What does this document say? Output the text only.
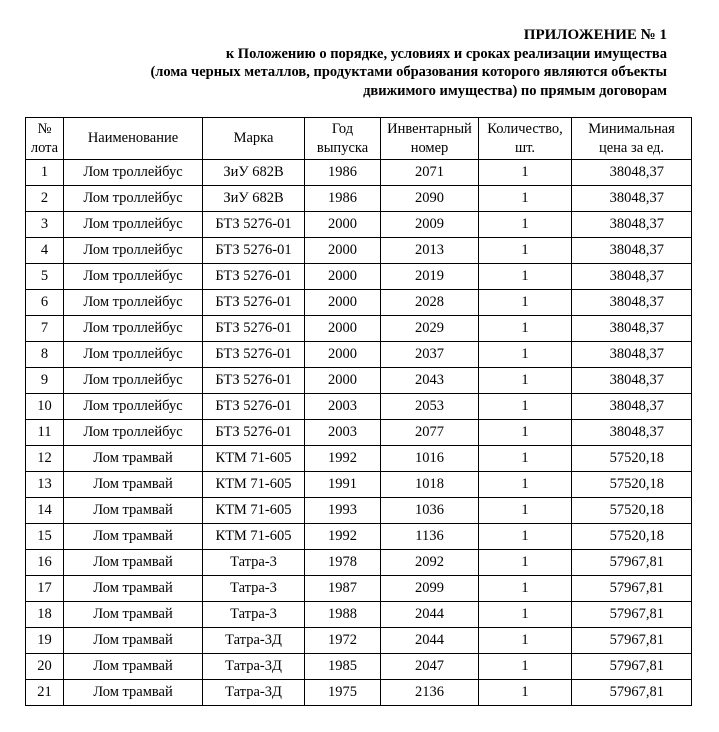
ПРИЛОЖЕНИЕ № 1
к Положению о порядке, условиях и сроках реализации имущества
(лома черных металлов, продуктами образования которого являются объекты
движимого имущества) по прямым договорам
№ лота	Наименование	Марка	Год выпуска	Инвентарный номер	Количество, шт.	Минимальная цена за ед.
1	Лом троллейбус	ЗиУ 682В	1986	2071	1	38048,37
2	Лом троллейбус	ЗиУ 682В	1986	2090	1	38048,37
3	Лом троллейбус	БТЗ 5276-01	2000	2009	1	38048,37
4	Лом троллейбус	БТЗ 5276-01	2000	2013	1	38048,37
5	Лом троллейбус	БТЗ 5276-01	2000	2019	1	38048,37
6	Лом троллейбус	БТЗ 5276-01	2000	2028	1	38048,37
7	Лом троллейбус	БТЗ 5276-01	2000	2029	1	38048,37
8	Лом троллейбус	БТЗ 5276-01	2000	2037	1	38048,37
9	Лом троллейбус	БТЗ 5276-01	2000	2043	1	38048,37
10	Лом троллейбус	БТЗ 5276-01	2003	2053	1	38048,37
11	Лом троллейбус	БТЗ 5276-01	2003	2077	1	38048,37
12	Лом трамвай	КТМ 71-605	1992	1016	1	57520,18
13	Лом трамвай	КТМ 71-605	1991	1018	1	57520,18
14	Лом трамвай	КТМ 71-605	1993	1036	1	57520,18
15	Лом трамвай	КТМ 71-605	1992	1136	1	57520,18
16	Лом трамвай	Татра-3	1978	2092	1	57967,81
17	Лом трамвай	Татра-3	1987	2099	1	57967,81
18	Лом трамвай	Татра-3	1988	2044	1	57967,81
19	Лом трамвай	Татра-3Д	1972	2044	1	57967,81
20	Лом трамвай	Татра-3Д	1985	2047	1	57967,81
21	Лом трамвай	Татра-3Д	1975	2136	1	57967,81
